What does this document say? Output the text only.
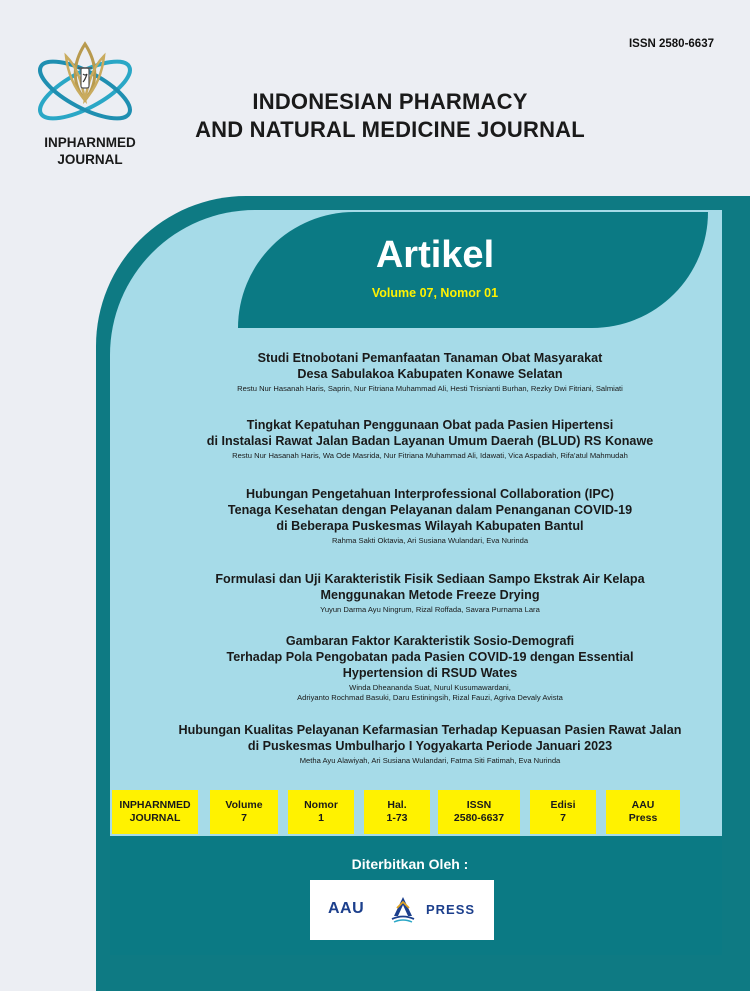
INPHARNMED
JOURNAL
ISSN 2580-6637
INDONESIAN PHARMACY
AND NATURAL MEDICINE JOURNAL
Artikel
Volume 07, Nomor 01
Studi Etnobotani Pemanfaatan Tanaman Obat Masyarakat
Desa Sabulakoa Kabupaten Konawe Selatan
Restu Nur Hasanah Haris, Saprin, Nur Fitriana Muhammad Ali, Hesti Trisnianti Burhan, Rezky Dwi Fitriani, Salmiati
Tingkat Kepatuhan Penggunaan Obat pada Pasien Hipertensi
di Instalasi Rawat Jalan Badan Layanan Umum Daerah (BLUD) RS Konawe
Restu Nur Hasanah Haris, Wa Ode Masrida, Nur Fitriana Muhammad Ali, Idawati, Vica Aspadiah, Rifa'atul Mahmudah
Hubungan Pengetahuan Interprofessional Collaboration (IPC)
Tenaga Kesehatan dengan Pelayanan dalam Penanganan COVID-19
di Beberapa Puskesmas Wilayah Kabupaten Bantul
Rahma Sakti Oktavia, Ari Susiana Wulandari, Eva Nurinda
Formulasi dan Uji Karakteristik Fisik Sediaan Sampo Ekstrak Air Kelapa
Menggunakan Metode Freeze Drying
Yuyun Darma Ayu Ningrum, Rizal Roffada, Savara Purnama Lara
Gambaran Faktor Karakteristik Sosio-Demografi
Terhadap Pola Pengobatan pada Pasien COVID-19 dengan Essential
Hypertension di RSUD Wates
Winda Dheananda Suat, Nurul Kusumawardani,
Adriyanto Rochmad Basuki, Daru Estiningsih, Rizal Fauzi, Agriva Devaly Avista
Hubungan Kualitas Pelayanan Kefarmasian Terhadap Kepuasan Pasien Rawat Jalan
di Puskesmas Umbulharjo I Yogyakarta Periode Januari 2023
Metha Ayu Alawiyah, Ari Susiana Wulandari, Fatma Siti Fatimah, Eva Nurinda
INPHARNMED
JOURNAL
Volume
7
Nomor
1
Hal.
1-73
ISSN
2580-6637
Edisi
7
AAU
Press
Diterbitkan Oleh :
AAU	PRESS
